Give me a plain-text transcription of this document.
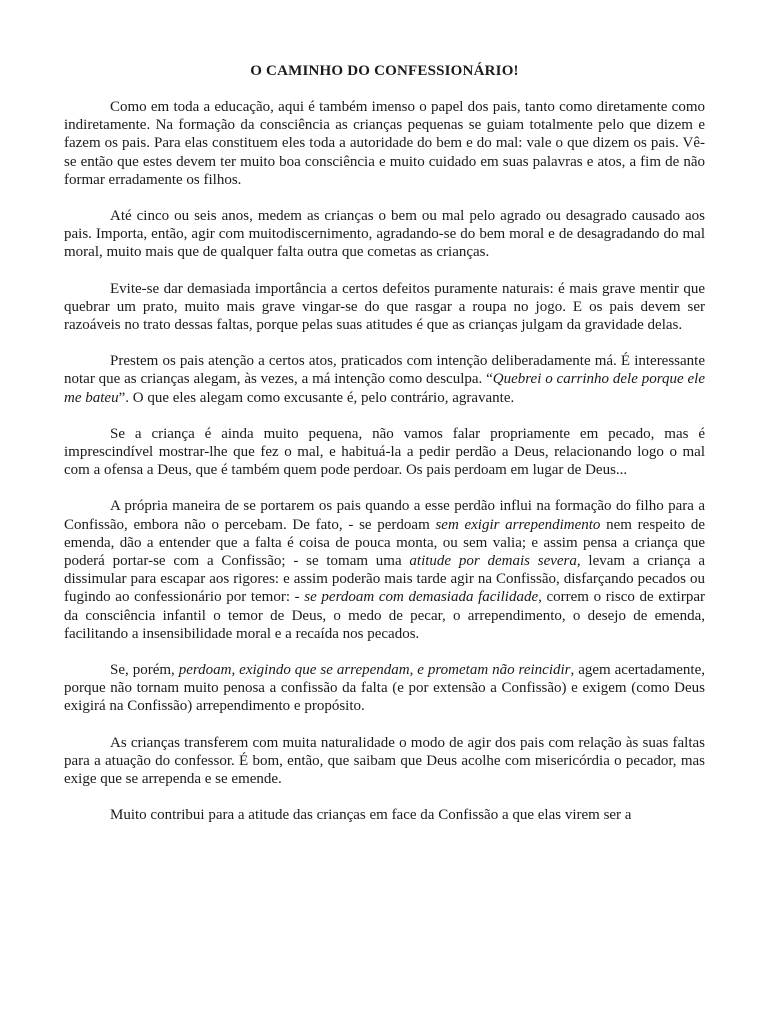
O CAMINHO DO CONFESSIONÁRIO!

Como em toda a educação, aqui é também imenso o papel dos pais, tanto como diretamente como indiretamente. Na formação da consciência as crianças pequenas se guiam totalmente pelo que dizem e fazem os pais. Para elas constituem eles toda a autoridade do bem e do mal: vale o que dizem os pais. Vê-se então que estes devem ter muito boa consciência e muito cuidado em suas palavras e atos, a fim de não formar erradamente os filhos.

Até cinco ou seis anos, medem as crianças o bem ou mal pelo agrado ou desagrado causado aos pais. Importa, então, agir com muitodiscernimento, agradando-se do bem moral e de desagradando do mal moral, muito mais que de qualquer falta outra que cometas as crianças.

Evite-se dar demasiada importância a certos defeitos puramente naturais: é mais grave mentir que quebrar um prato, muito mais grave vingar-se do que rasgar a roupa no jogo. E os pais devem ser razoáveis no trato dessas faltas, porque pelas suas atitudes é que as crianças julgam da gravidade delas.

Prestem os pais atenção a certos atos, praticados com intenção deliberadamente má. É interessante notar que as crianças alegam, às vezes, a má intenção como desculpa. “Quebrei o carrinho dele porque ele me bateu”. O que eles alegam como excusante é, pelo contrário, agravante.

Se a criança é ainda muito pequena, não vamos falar propriamente em pecado, mas é imprescindível mostrar-lhe que fez o mal, e habituá-la a pedir perdão a Deus, relacionando logo o mal com a ofensa a Deus, que é também quem pode perdoar. Os pais perdoam em lugar de Deus...

A própria maneira de se portarem os pais quando a esse perdão influi na formação do filho para a Confissão, embora não o percebam. De fato, - se perdoam sem exigir arrependimento nem respeito de emenda, dão a entender que a falta é coisa de pouca monta, ou sem valia; e assim pensa a criança que poderá portar-se com a Confissão; - se tomam uma atitude por demais severa, levam a criança a dissimular para escapar aos rigores: e assim poderão mais tarde agir na Confissão, disfarçando pecados ou fugindo ao confessionário por temor: - se perdoam com demasiada facilidade, correm o risco de extirpar da consciência infantil o temor de Deus, o medo de pecar, o arrependimento, o desejo de emenda, facilitando a insensibilidade moral e a recaída nos pecados.

Se, porém, perdoam, exigindo que se arrependam, e prometam não reincidir, agem acertadamente, porque não tornam muito penosa a confissão da falta (e por extensão a Confissão) e exigem (como Deus exigirá na Confissão) arrependimento e propósito.

As crianças transferem com muita naturalidade o modo de agir dos pais com relação às suas faltas para a atuação do confessor. É bom, então, que saibam que Deus acolhe com misericórdia o pecador, mas exige que se arrependa e se emende.

Muito contribui para a atitude das crianças em face da Confissão a que elas virem ser a
